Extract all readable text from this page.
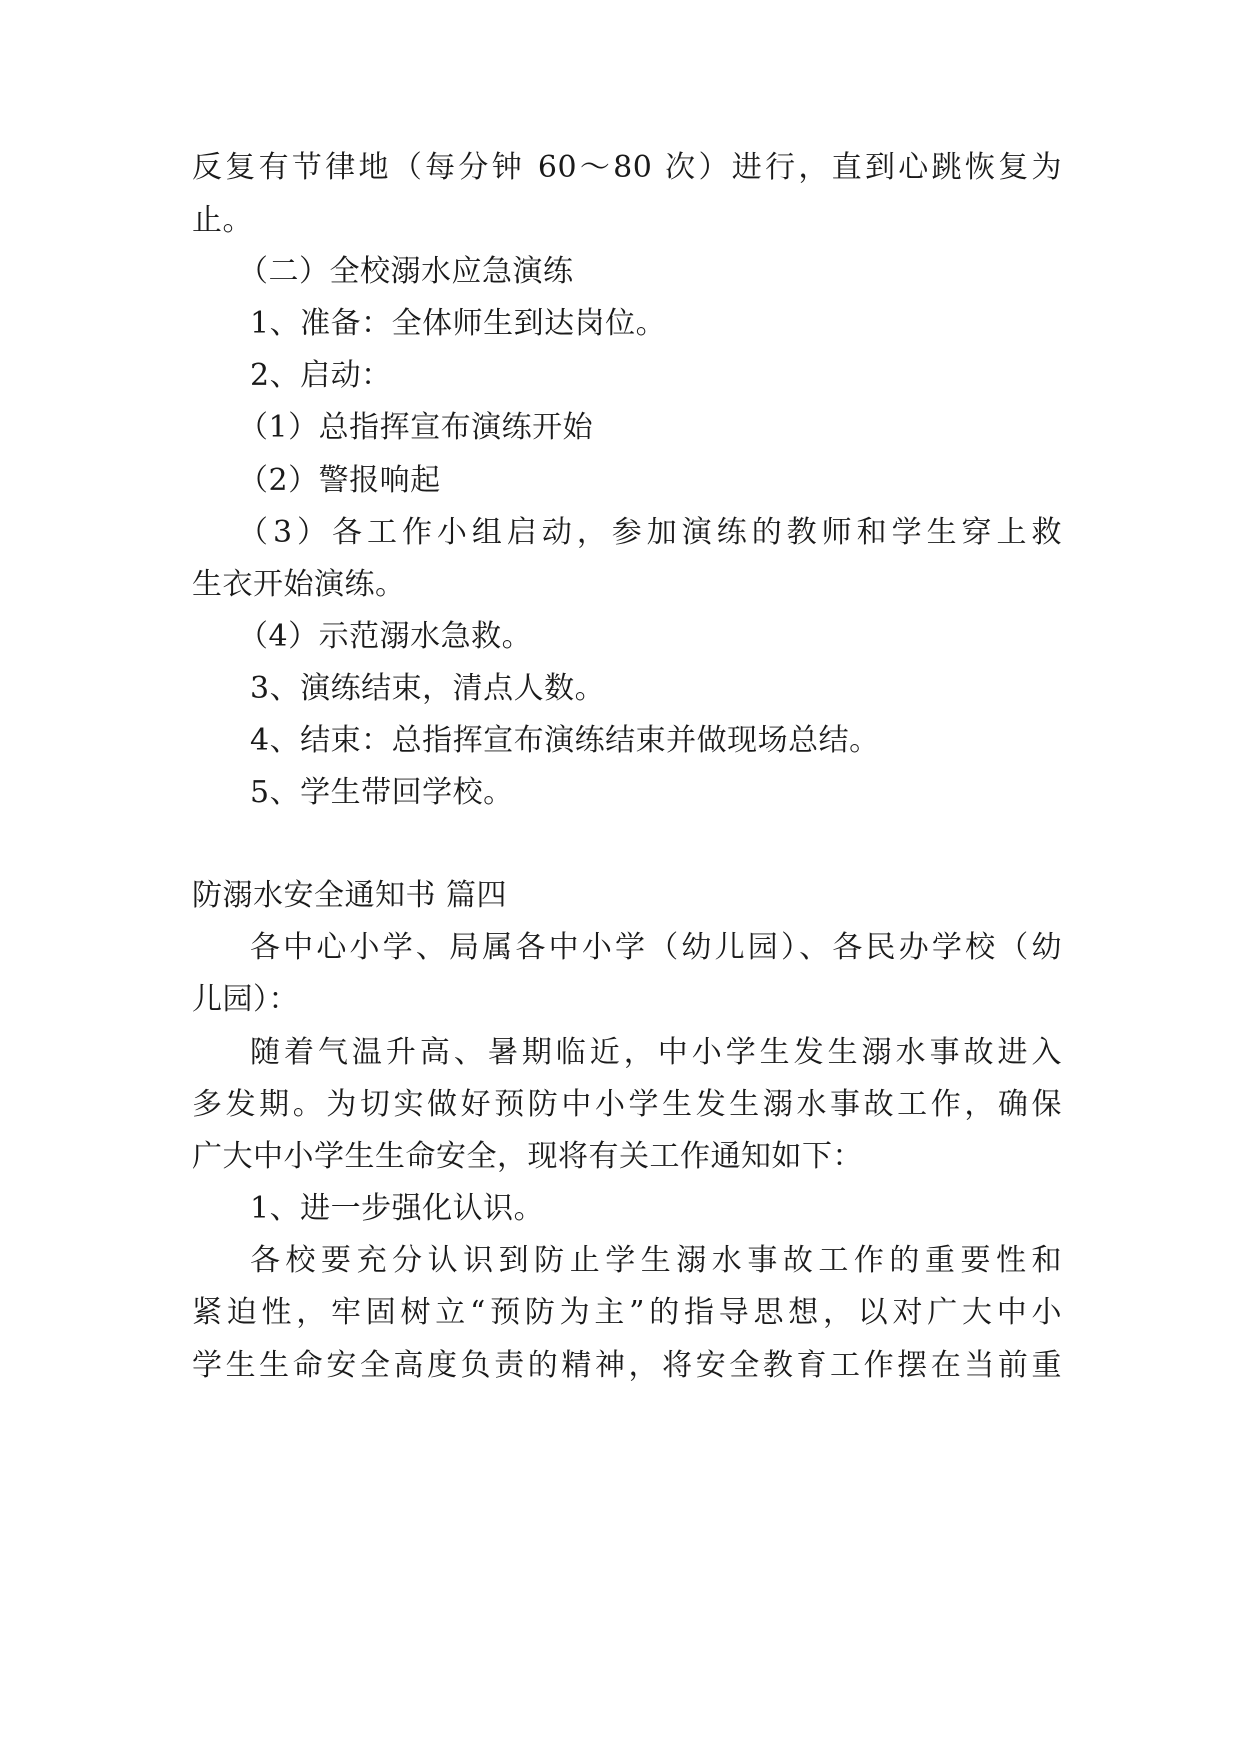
反复有节律地（每分钟 60～80 次）进行，直到心跳恢复为
止。
（二）全校溺水应急演练
1、准备：全体师生到达岗位。
2、启动：
（1）总指挥宣布演练开始
（2）警报响起
（3）各工作小组启动，参加演练的教师和学生穿上救
生衣开始演练。
（4）示范溺水急救。
3、演练结束，清点人数。
4、结束：总指挥宣布演练结束并做现场总结。
5、学生带回学校。
防溺水安全通知书 篇四
各中心小学、局属各中小学（幼儿园）、各民办学校（幼
儿园）：
随着气温升高、暑期临近，中小学生发生溺水事故进入
多发期。为切实做好预防中小学生发生溺水事故工作，确保
广大中小学生生命安全，现将有关工作通知如下：
1、进一步强化认识。
各校要充分认识到防止学生溺水事故工作的重要性和
紧迫性，牢固树立“预防为主”的指导思想，以对广大中小
学生生命安全高度负责的精神，将安全教育工作摆在当前重
